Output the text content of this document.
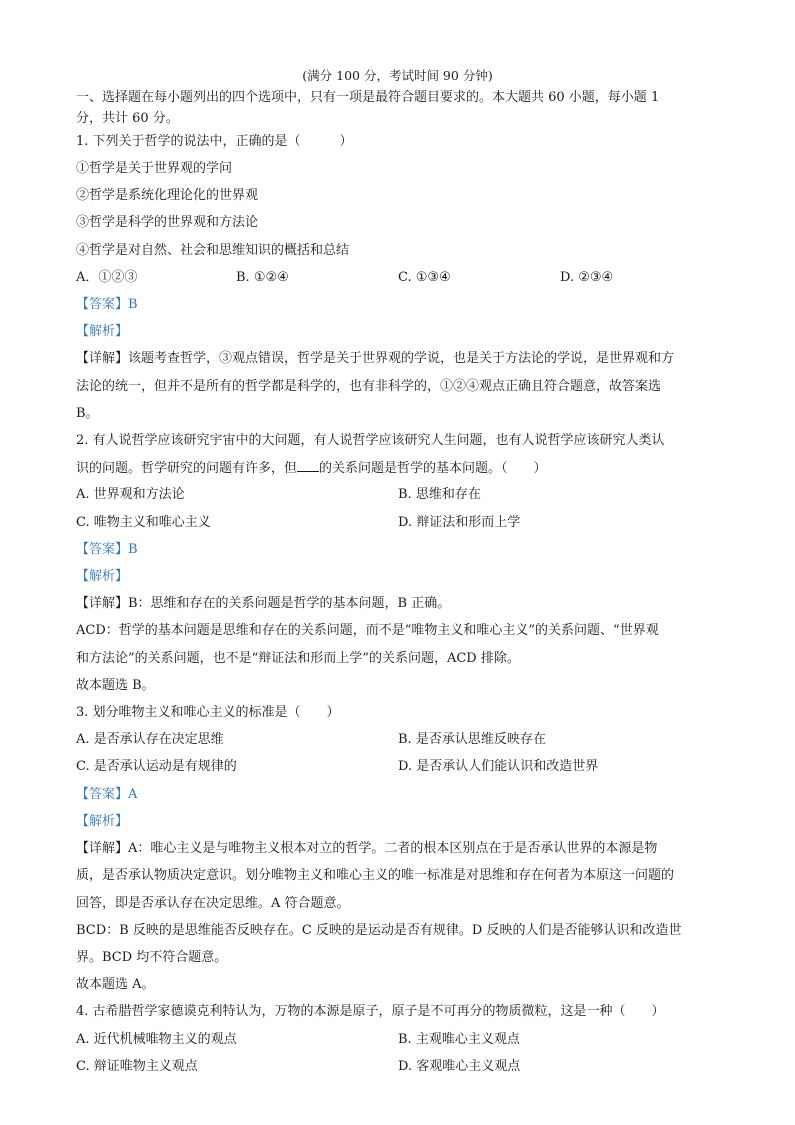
(满分 100 分，考试时间 90 分钟)
一、选择题在每小题列出的四个选项中，只有一项是最符合题目要求的。本大题共 60 小题，每小题 1
分，共计 60 分。
1. 下列关于哲学的说法中，正确的是（　　　）
①哲学是关于世界观的学问
②哲学是系统化理论化的世界观
③哲学是科学的世界观和方法论
④哲学是对自然、社会和思维知识的概括和总结
A．①②③	B. ①②④	C. ①③④	D. ②③④
【答案】B
【解析】
【详解】该题考查哲学，③观点错误，哲学是关于世界观的学说，也是关于方法论的学说，是世界观和方
法论的统一，但并不是所有的哲学都是科学的，也有非科学的，①②④观点正确且符合题意，故答案选
B。
2. 有人说哲学应该研究宇宙中的大问题，有人说哲学应该研究人生问题，也有人说哲学应该研究人类认
识的问题。哲学研究的问题有许多，但 的关系问题是哲学的基本问题。（　　）
A. 世界观和方法论	B. 思维和存在
C. 唯物主义和唯心主义	D. 辩证法和形而上学
【答案】B
【解析】
【详解】B：思维和存在的关系问题是哲学的基本问题，B 正确。
ACD：哲学的基本问题是思维和存在的关系问题，而不是“唯物主义和唯心主义”的关系问题、“世界观
和方法论”的关系问题，也不是“辩证法和形而上学”的关系问题，ACD 排除。
故本题选 B。
3. 划分唯物主义和唯心主义的标准是（　　）
A. 是否承认存在决定思维	B. 是否承认思维反映存在
C. 是否承认运动是有规律的	D. 是否承认人们能认识和改造世界
【答案】A
【解析】
【详解】A：唯心主义是与唯物主义根本对立的哲学。二者的根本区别点在于是否承认世界的本源是物
质，是否承认物质决定意识。划分唯物主义和唯心主义的唯一标准是对思维和存在何者为本原这一问题的
回答，即是否承认存在决定思维。A 符合题意。
BCD：B 反映的是思维能否反映存在。C 反映的是运动是否有规律。D 反映的人们是否能够认识和改造世
界。BCD 均不符合题意。
故本题选 A。
4. 古希腊哲学家德谟克利特认为，万物的本源是原子，原子是不可再分的物质微粒，这是一种（　　）
A. 近代机械唯物主义的观点	B. 主观唯心主义观点
C. 辩证唯物主义观点	D. 客观唯心主义观点
